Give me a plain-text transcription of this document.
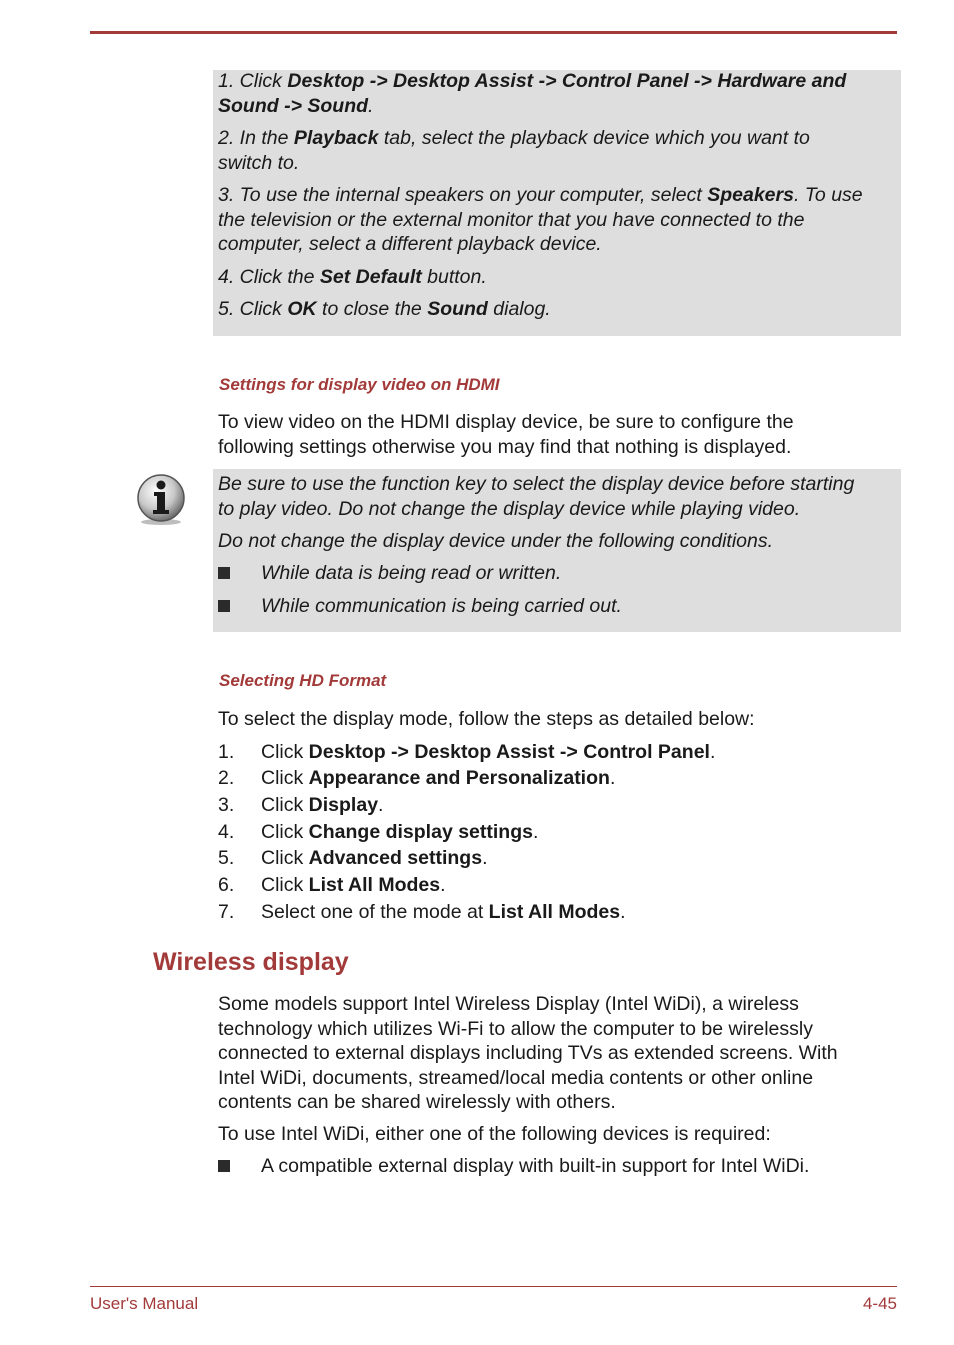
1. Click Desktop -> Desktop Assist -> Control Panel -> Hardware and
Sound -> Sound.

2. In the Playback tab, select the playback device which you want to
switch to.

3. To use the internal speakers on your computer, select Speakers. To use
the television or the external monitor that you have connected to the
computer, select a different playback device.

4. Click the Set Default button.

5. Click OK to close the Sound dialog.

Settings for display video on HDMI

To view video on the HDMI display device, be sure to configure the
following settings otherwise you may find that nothing is displayed.

Be sure to use the function key to select the display device before starting
to play video. Do not change the display device while playing video.

Do not change the display device under the following conditions.

While data is being read or written.
While communication is being carried out.
Selecting HD Format

To select the display mode, follow the steps as detailed below:

1. Click Desktop -> Desktop Assist -> Control Panel.
2. Click Appearance and Personalization.
3. Click Display.
4. Click Change display settings.
5. Click Advanced settings.
6. Click List All Modes.
7. Select one of the mode at List All Modes.
Wireless display

Some models support Intel Wireless Display (Intel WiDi), a wireless
technology which utilizes Wi-Fi to allow the computer to be wirelessly
connected to external displays including TVs as extended screens. With
Intel WiDi, documents, streamed/local media contents or other online
contents can be shared wirelessly with others.

To use Intel WiDi, either one of the following devices is required:

A compatible external display with built-in support for Intel WiDi.
User's Manual	4-45
